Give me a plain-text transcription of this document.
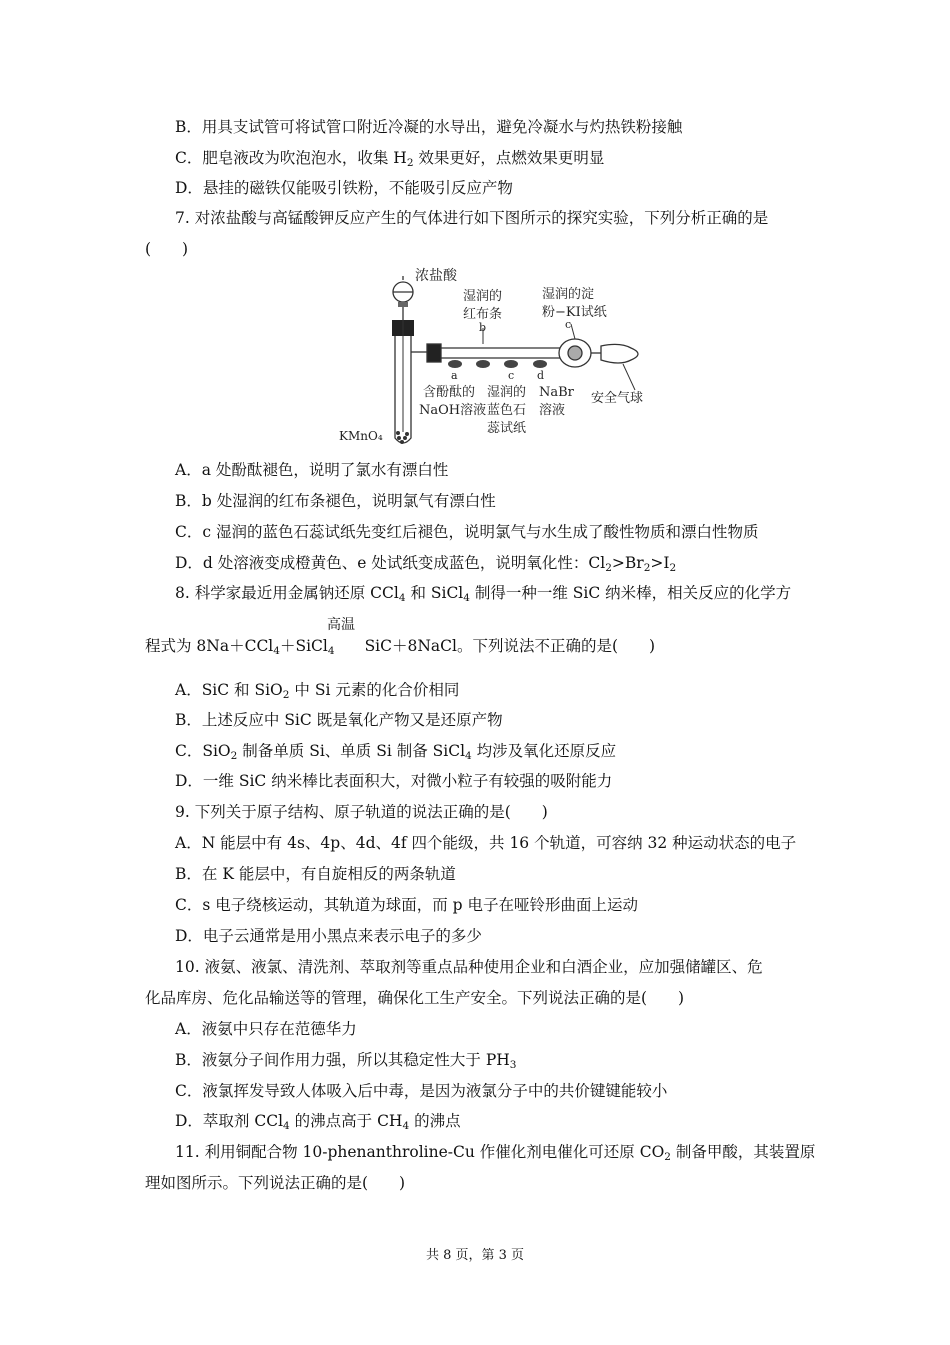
B．用具支试管可将试管口附近冷凝的水导出，避免冷凝水与灼热铁粉接触
C．肥皂液改为吹泡泡水，收集 $H_2$ 效果更好，点燃效果更明显
D．悬挂的磁铁仅能吸引铁粉，不能吸引反应产物
7. 对浓盐酸与高锰酸钾反应产生的气体进行如下图所示的探究实验，下列分析正确的是
(　　)
浓盐酸
湿润的
红布条
b
湿润的淀
粉−KI试纸
c
a	c d
含酚酞的
NaOH溶液
湿润的
蓝色石
蕊试纸
NaBr
溶液
安全气球
KMnO₄
A．a 处酚酞褪色，说明了氯水有漂白性
B．b 处湿润的红布条褪色，说明氯气有漂白性
C．c 湿润的蓝色石蕊试纸先变红后褪色，说明氯气与水生成了酸性物质和漂白性物质
D．d 处溶液变成橙黄色、e 处试纸变成蓝色，说明氧化性：$Cl_2>Br_2>I_2$
8. 科学家最近用金属钠还原 CCl$_4$ 和 SiCl$_4$ 制得一种一维 SiC 纳米棒，相关反应的化学方
高温
程式为 8Na＋CCl$_4$＋SiCl$_4$ SiC＋8NaCl。下列说法不正确的是(　　)
A．SiC 和 SiO$_2$ 中 Si 元素的化合价相同
B．上述反应中 SiC 既是氧化产物又是还原产物
C．SiO$_2$ 制备单质 Si、单质 Si 制备 SiCl$_4$ 均涉及氧化还原反应
D．一维 SiC 纳米棒比表面积大，对微小粒子有较强的吸附能力
9. 下列关于原子结构、原子轨道的说法正确的是(　　)
A．N 能层中有 4s、4p、4d、4f 四个能级，共 16 个轨道，可容纳 32 种运动状态的电子
B．在 K 能层中，有自旋相反的两条轨道
C．s 电子绕核运动，其轨道为球面，而 p 电子在哑铃形曲面上运动
D．电子云通常是用小黑点来表示电子的多少
10. 液氨、液氯、清洗剂、萃取剂等重点品种使用企业和白酒企业，应加强储罐区、危
化品库房、危化品输送等的管理，确保化工生产安全。下列说法正确的是(　　)
A．液氨中只存在范德华力
B．液氨分子间作用力强，所以其稳定性大于 $PH_3$
C．液氯挥发导致人体吸入后中毒，是因为液氯分子中的共价键键能较小
D．萃取剂 CCl$_4$ 的沸点高于 $CH_4$ 的沸点
11. 利用铜配合物 10-phenanthroline-Cu 作催化剂电催化可还原 $CO_2$ 制备甲酸，其装置原
理如图所示。下列说法正确的是(　　)
共 8 页，第 3 页
